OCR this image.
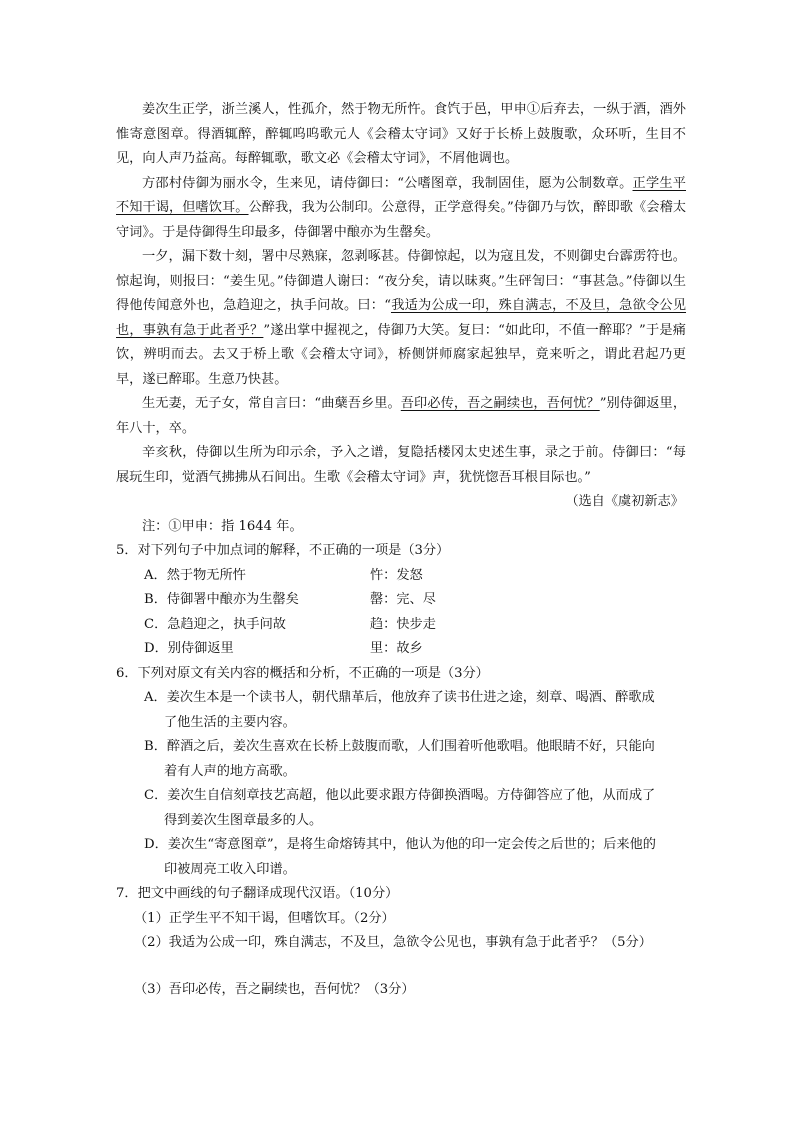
姜次生正学，浙兰溪人，性孤介，然于物无所忤。食饩于邑，甲申①后弃去，一纵于酒，酒外惟寄意图章。得酒辄醉，醉辄呜呜歌元人《会稽太守词》又好于长桥上鼓腹歌，众环听，生目不见，向人声乃益高。每醉辄歌，歌文必《会稽太守词》，不屑他调也。

方邵村侍御为丽水令，生来见，请侍御曰：“公嗜图章，我制固佳，愿为公制数章。正学生平不知干谒，但嗜饮耳。公醉我，我为公制印。公意得，正学意得矣。”侍御乃与饮，醉即歌《会稽太守词》。于是侍御得生印最多，侍御署中酿亦为生罄矣。

一夕，漏下数十刻，署中尽熟寐，忽剥啄甚。侍御惊起，以为寇且发，不则御史台霹雳符也。惊起询，则报曰：“姜生见。”侍御遣人谢曰：“夜分矣，请以昧爽。”生砰訇曰：“事甚急。”侍御以生得他传闻意外也，急趋迎之，执手问故。曰：“我适为公成一印，殊自满志，不及旦，急欲令公见也，事孰有急于此者乎？”遂出掌中握视之，侍御乃大笑。复曰：“如此印，不值一醉耶？”于是痛饮，辨明而去。去又于桥上歌《会稽太守词》，桥侧饼师腐家起独早，竟来听之，谓此君起乃更早，遂已醉耶。生意乃快甚。

生无妻，无子女，常自言曰：“曲蘖吾乡里。吾印必传，吾之嗣续也，吾何忧？”别侍御返里，年八十，卒。

辛亥秋，侍御以生所为印示余，予入之谱，复隐括楼冈太史述生事，录之于前。侍御曰：“每展玩生印，觉酒气拂拂从石间出。生歌《会稽太守词》声，犹恍惚吾耳根目际也。”

（选自《虞初新志》

注：①甲申：指 1644 年。

5．对下列句子中加点词的解释，不正确的一项是（3分）

A．然于物无所忤	忤：发怒
B．侍御署中酿亦为生罄矣	罄：完、尽
C．急趋迎之，执手问故	趋：快步走
D．别侍御返里	里：故乡

6．下列对原文有关内容的概括和分析，不正确的一项是（3分）

A．姜次生本是一个读书人，朝代鼎革后，他放弃了读书仕进之途，刻章、喝酒、醉歌成
了他生活的主要内容。
B．醉酒之后，姜次生喜欢在长桥上鼓腹而歌，人们围着听他歌唱。他眼睛不好，只能向
着有人声的地方高歌。
C．姜次生自信刻章技艺高超，他以此要求跟方侍御换酒喝。方侍御答应了他，从而成了
得到姜次生图章最多的人。
D．姜次生“寄意图章”，是将生命熔铸其中，他认为他的印一定会传之后世的；后来他的
印被周亮工收入印谱。

7．把文中画线的句子翻译成现代汉语。（10分）

（1）正学生平不知干谒，但嗜饮耳。（2分）

（2）我适为公成一印，殊自满志，不及旦，急欲令公见也，事孰有急于此者乎？（5分）

（3）吾印必传，吾之嗣续也，吾何忧？（3分）
